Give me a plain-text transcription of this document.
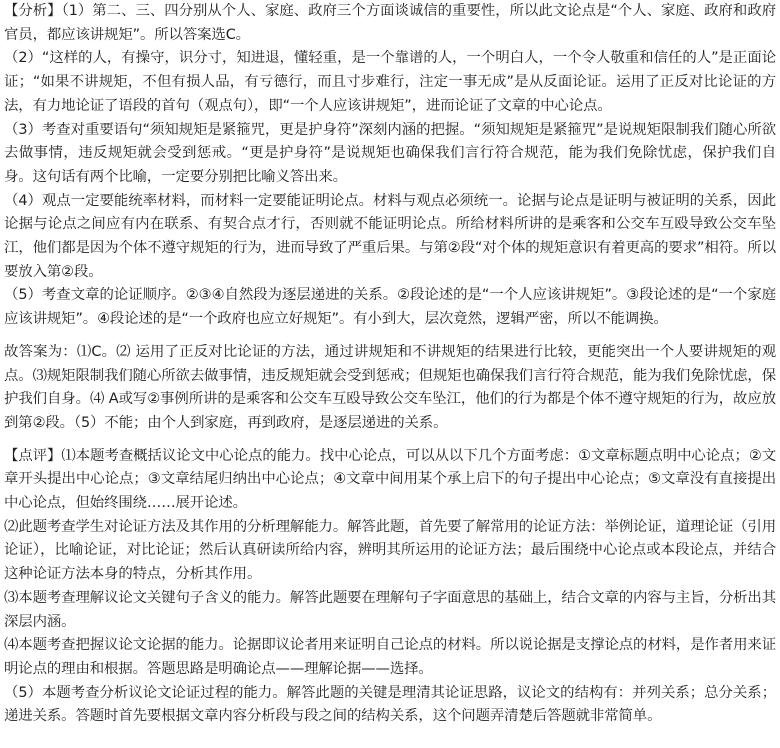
【分析】（1）第二、三、四分别从个人、家庭、政府三个方面谈诚信的重要性，所以此文论点是“个人、家庭、政府和政府官员，都应该讲规矩”。所以答案选C。

（2）“这样的人，有操守，识分寸，知进退，懂轻重，是一个靠谱的人，一个明白人，一个令人敬重和信任的人”是正面论证；“如果不讲规矩，不但有损人品，有亏德行，而且寸步难行，注定一事无成”是从反面论证。运用了正反对比论证的方法，有力地论证了语段的首句（观点句），即“一个人应该讲规矩”，进而论证了文章的中心论点。

（3）考查对重要语句“须知规矩是紧箍咒，更是护身符”深刻内涵的把握。“须知规矩是紧箍咒”是说规矩限制我们随心所欲去做事情，违反规矩就会受到惩戒。“更是护身符”是说规矩也确保我们言行符合规范，能为我们免除忧虑，保护我们自身。这句话有两个比喻，一定要分别把比喻义答出来。

（4）观点一定要能统率材料，而材料一定要能证明论点。材料与观点必须统一。论据与论点是证明与被证明的关系，因此论据与论点之间应有内在联系、有契合点才行，否则就不能证明论点。所给材料所讲的是乘客和公交车互殴导致公交车坠江，他们都是因为个体不遵守规矩的行为，进而导致了严重后果。与第②段“对个体的规矩意识有着更高的要求”相符。所以要放入第②段。

（5）考查文章的论证顺序。②③④自然段为逐层递进的关系。②段论述的是“一个人应该讲规矩”。③段论述的是“一个家庭应该讲规矩”。④段论述的是“一个政府也应立好规矩”。有小到大，层次竟然，逻辑严密，所以不能调换。

故答案为：⑴C。⑵ 运用了正反对比论证的方法，通过讲规矩和不讲规矩的结果进行比较，更能突出一个人要讲规矩的观点。⑶规矩限制我们随心所欲去做事情，违反规矩就会受到惩戒；但规矩也确保我们言行符合规范，能为我们免除忧虑，保护我们自身。⑷ A或写②事例所讲的是乘客和公交车互殴导致公交车坠江，他们的行为都是个体不遵守规矩的行为，故应放到第②段。（5）不能；由个人到家庭，再到政府，是逐层递进的关系。

【点评】⑴本题考查概括议论文中心论点的能力。找中心论点，可以从以下几个方面考虑：①文章标题点明中心论点；②文章开头提出中心论点；③文章结尾归纳出中心论点；④文章中间用某个承上启下的句子提出中心论点；⑤文章没有直接提出中心论点，但始终围绕……展开论述。

⑵此题考查学生对论证方法及其作用的分析理解能力。解答此题，首先要了解常用的论证方法：举例论证，道理论证（引用论证），比喻论证，对比论证；然后认真研读所给内容，辨明其所运用的论证方法；最后围绕中心论点或本段论点，并结合这种论证方法本身的特点，分析其作用。

⑶本题考查理解议论文关键句子含义的能力。解答此题要在理解句子字面意思的基础上，结合文章的内容与主旨，分析出其深层内涵。

⑷本题考查把握议论文论据的能力。论据即议论者用来证明自己论点的材料。所以说论据是支撑论点的材料，是作者用来证明论点的理由和根据。答题思路是明确论点——理解论据——选择。

（5）本题考查分析议论文论证过程的能力。解答此题的关键是理清其论证思路，议论文的结构有：并列关系；总分关系；递进关系。答题时首先要根据文章内容分析段与段之间的结构关系，这个问题弄清楚后答题就非常简单。
